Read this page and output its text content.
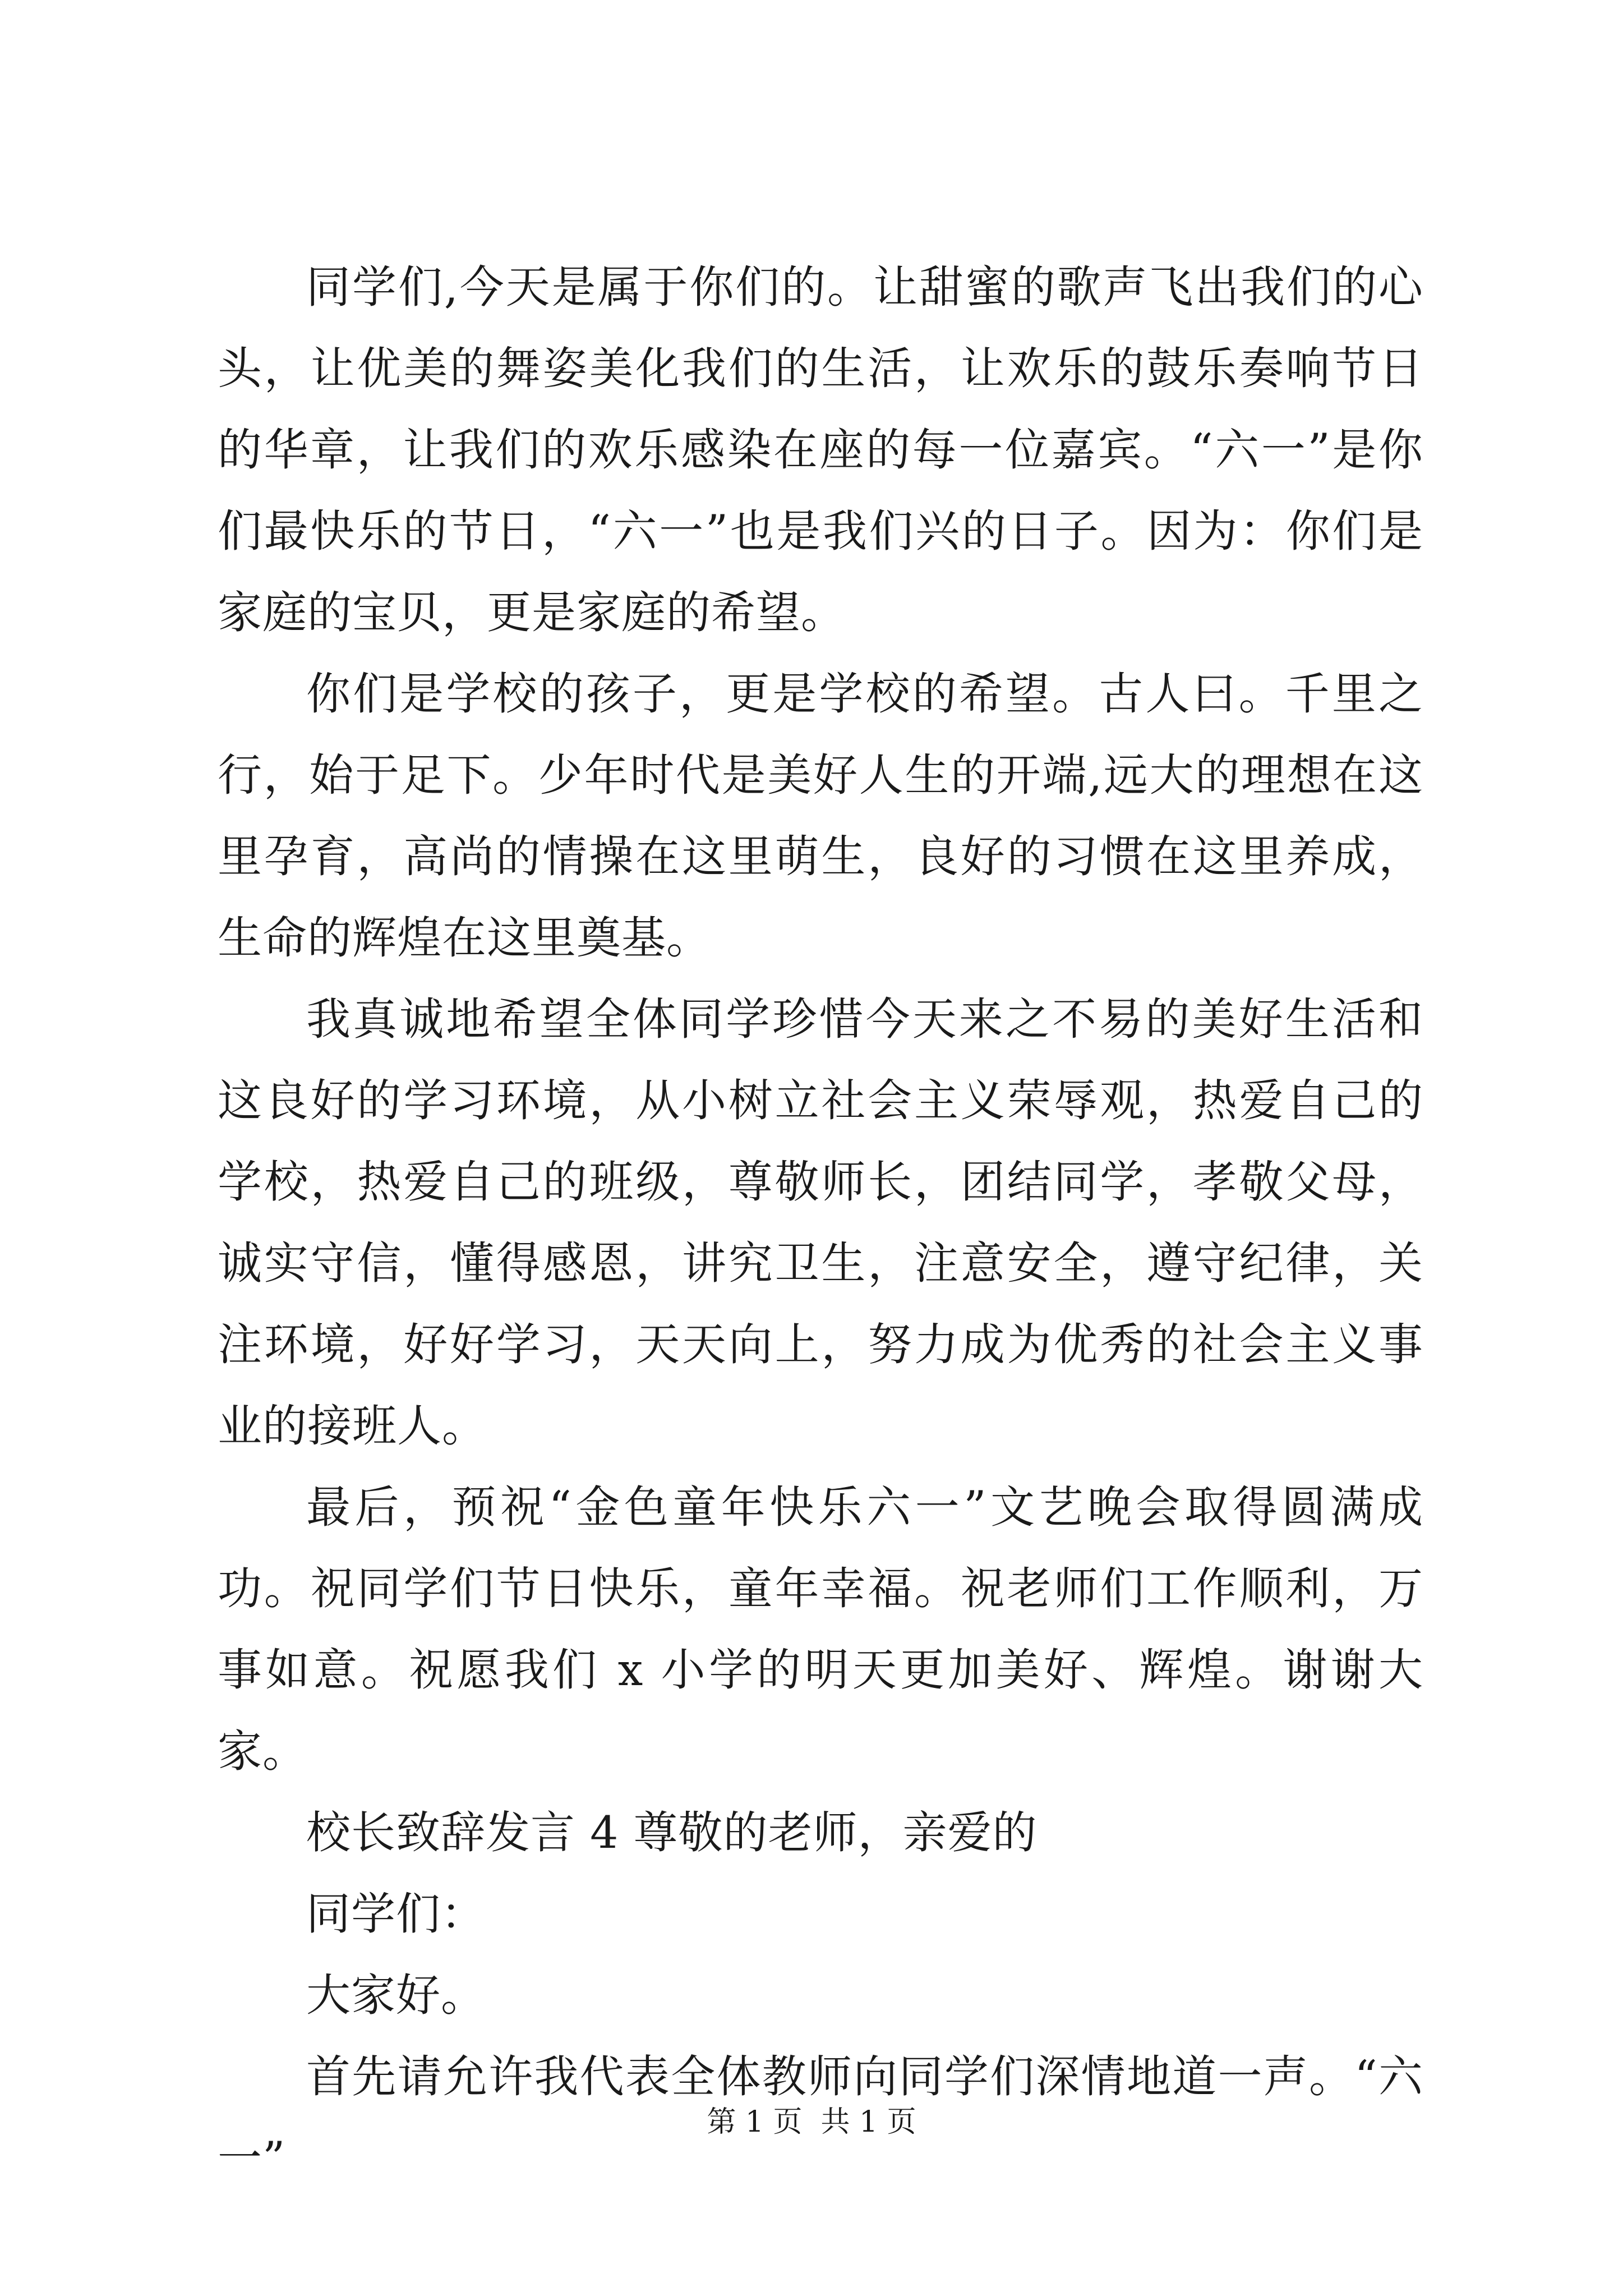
同学们,今天是属于你们的。让甜蜜的歌声飞出我们的心头，让优美的舞姿美化我们的生活，让欢乐的鼓乐奏响节日的华章，让我们的欢乐感染在座的每一位嘉宾。“六一”是你们最快乐的节日，“六一”也是我们兴的日子。因为：你们是家庭的宝贝，更是家庭的希望。

你们是学校的孩子，更是学校的希望。古人曰。千里之行，始于足下。少年时代是美好人生的开端,远大的理想在这里孕育，高尚的情操在这里萌生，良好的习惯在这里养成，生命的辉煌在这里奠基。

我真诚地希望全体同学珍惜今天来之不易的美好生活和这良好的学习环境，从小树立社会主义荣辱观，热爱自己的学校，热爱自己的班级，尊敬师长，团结同学，孝敬父母，诚实守信，懂得感恩，讲究卫生，注意安全，遵守纪律，关注环境，好好学习，天天向上，努力成为优秀的社会主义事业的接班人。

最后，预祝“金色童年快乐六一”文艺晚会取得圆满成功。祝同学们节日快乐，童年幸福。祝老师们工作顺利，万事如意。祝愿我们 x 小学的明天更加美好、辉煌。谢谢大家。

校长致辞发言 4 尊敬的老师，亲爱的

同学们：

大家好。

首先请允许我代表全体教师向同学们深情地道一声。“六一”

第 1 页  共 1 页
